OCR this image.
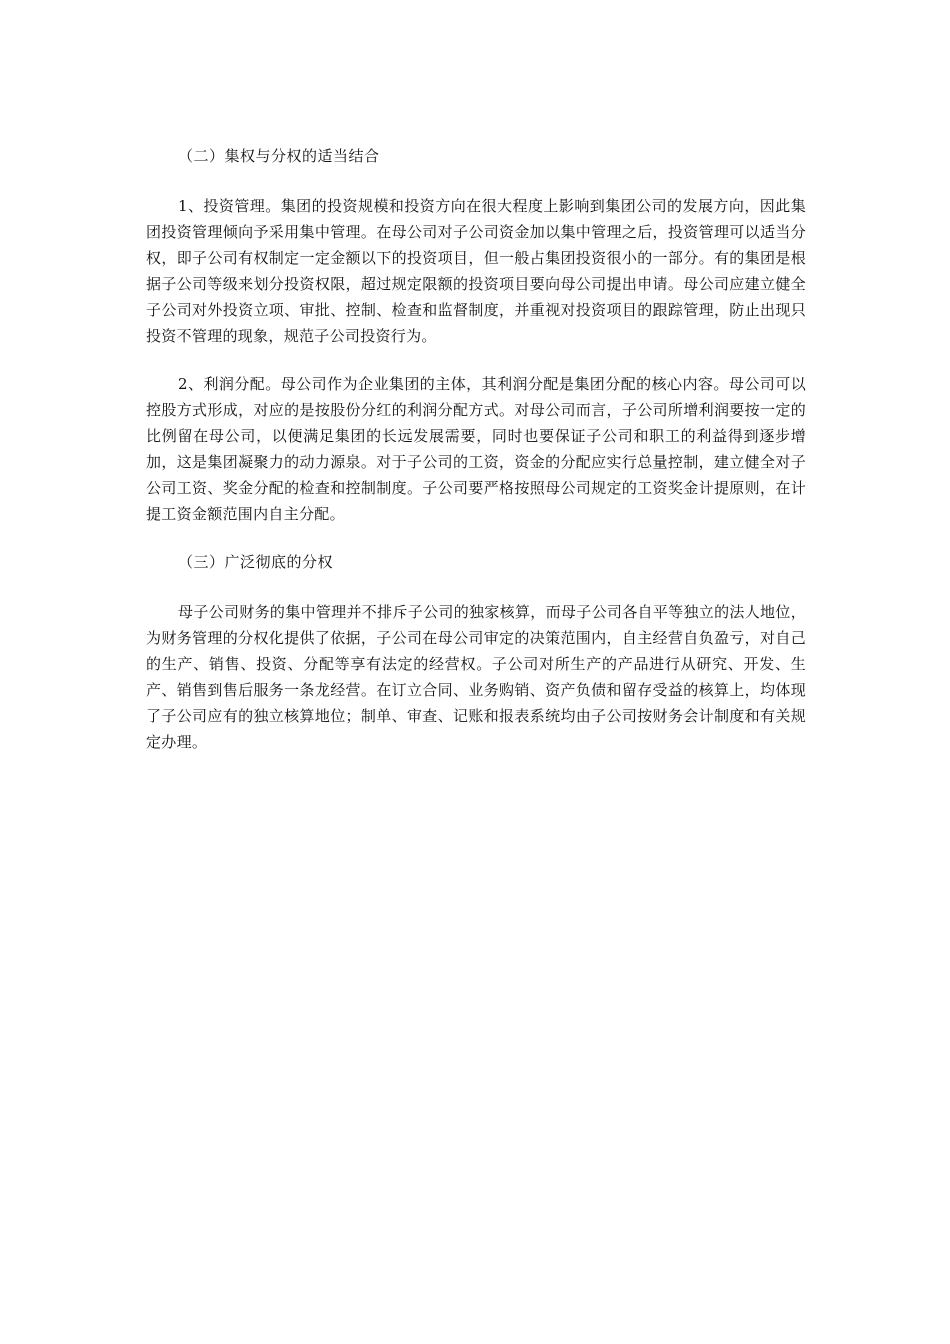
（二）集权与分权的适当结合

1、投资管理。集团的投资规模和投资方向在很大程度上影响到集团公司的发展方向，因此集团投资管理倾向予采用集中管理。在母公司对子公司资金加以集中管理之后，投资管理可以适当分权，即子公司有权制定一定金额以下的投资项目，但一般占集团投资很小的一部分。有的集团是根据子公司等级来划分投资权限，超过规定限额的投资项目要向母公司提出申请。母公司应建立健全子公司对外投资立项、审批、控制、检查和监督制度，并重视对投资项目的跟踪管理，防止出现只投资不管理的现象，规范子公司投资行为。

2、利润分配。母公司作为企业集团的主体，其利润分配是集团分配的核心内容。母公司可以控股方式形成，对应的是按股份分红的利润分配方式。对母公司而言，子公司所增利润要按一定的比例留在母公司，以便满足集团的长远发展需要，同时也要保证子公司和职工的利益得到逐步增加，这是集团凝聚力的动力源泉。对于子公司的工资，资金的分配应实行总量控制，建立健全对子公司工资、奖金分配的检查和控制制度。子公司要严格按照母公司规定的工资奖金计提原则，在计提工资金额范围内自主分配。

（三）广泛彻底的分权

母子公司财务的集中管理并不排斥子公司的独家核算，而母子公司各自平等独立的法人地位，为财务管理的分权化提供了依据，子公司在母公司审定的决策范围内，自主经营自负盈亏，对自己的生产、销售、投资、分配等享有法定的经营权。子公司对所生产的产品进行从研究、开发、生产、销售到售后服务一条龙经营。在订立合同、业务购销、资产负债和留存受益的核算上，均体现了子公司应有的独立核算地位；制单、审查、记账和报表系统均由子公司按财务会计制度和有关规定办理。
